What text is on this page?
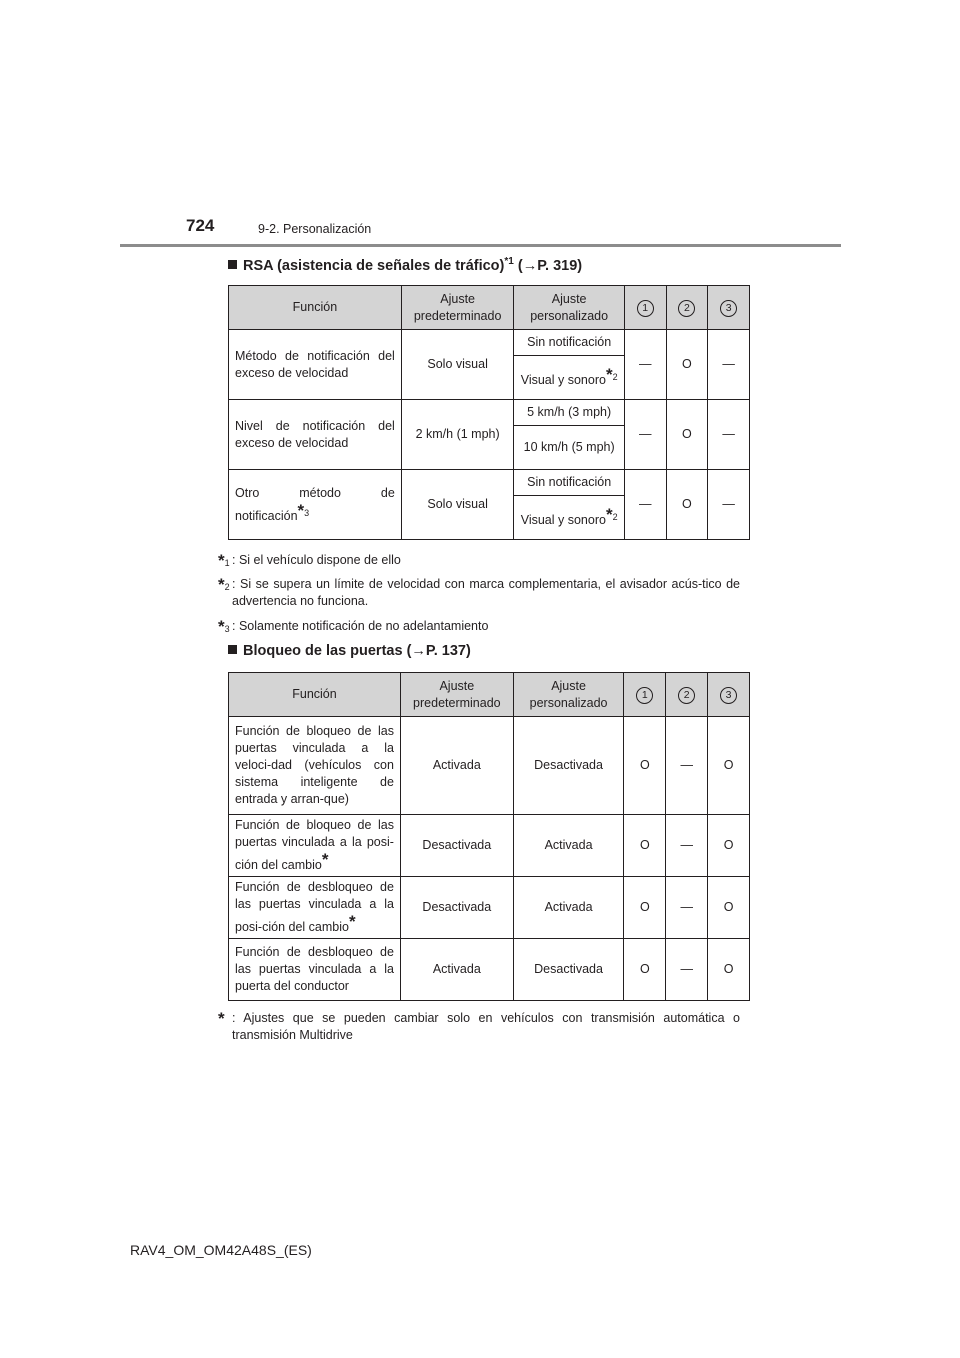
724	9-2. Personalización
RSA (asistencia de señales de tráfico)$^{*1}$ (→P. 319)
Función	Ajuste predeterminado	Ajuste personalizado	1	2	3
Método de notificación del exceso de velocidad	Solo visual	Sin notificación	—	O	—
		Visual y sonoro*2			
Nivel de notificación del exceso de velocidad	2 km/h (1 mph)	5 km/h (3 mph)	—	O	—
		10 km/h (5 mph)			
Otro método de notificación*3	Solo visual	Sin notificación	—	O	—
		Visual y sonoro*2			
*1 : Si el vehículo dispone de ello
*2 : Si se supera un límite de velocidad con marca complementaria, el avisador acús-tico de advertencia no funciona.
*3 : Solamente notificación de no adelantamiento
Bloqueo de las puertas (→P. 137)
Función	Ajuste predeterminado	Ajuste personalizado	1	2	3
Función de bloqueo de las puertas vinculada a la veloci-dad (vehículos con sistema inteligente de entrada y arran-que)	Activada	Desactivada	O	—	O
Función de bloqueo de las puertas vinculada a la posi-ción del cambio*	Desactivada	Activada	O	—	O
Función de desbloqueo de las puertas vinculada a la posi-ción del cambio*	Desactivada	Activada	O	—	O
Función de desbloqueo de las puertas vinculada a la puerta del conductor	Activada	Desactivada	O	—	O
* : Ajustes que se pueden cambiar solo en vehículos con transmisión automática o transmisión Multidrive
RAV4_OM_OM42A48S_(ES)
